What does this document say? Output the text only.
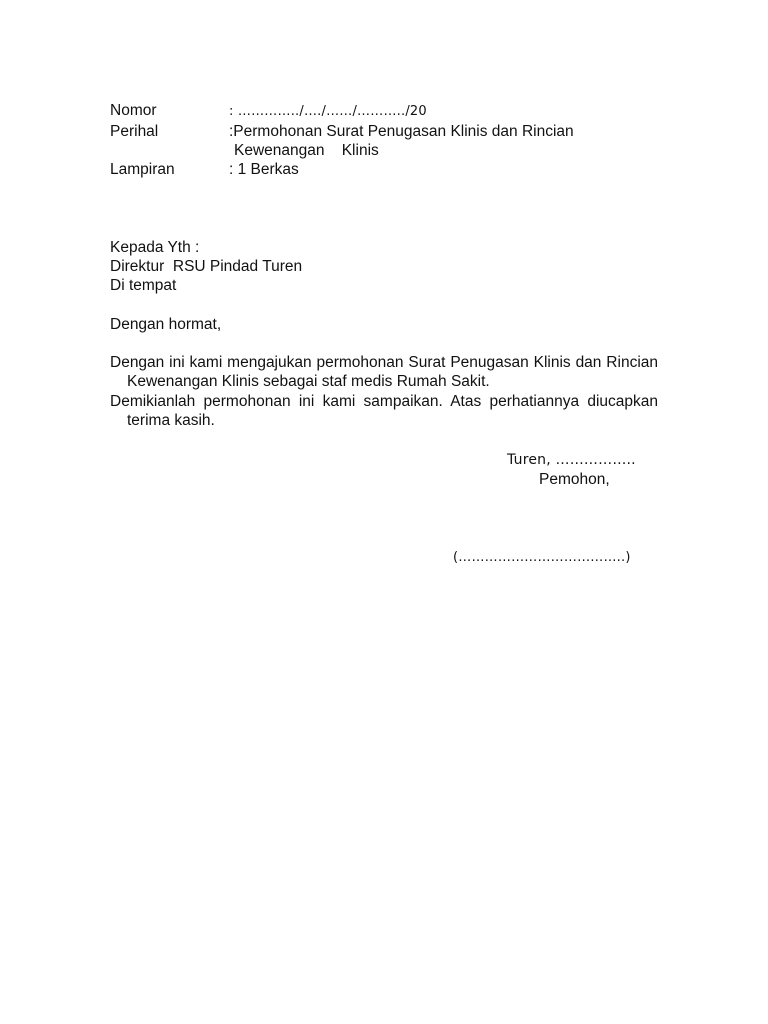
Nomor	: …………../…./……/………../20
Perihal	:Permohonan Surat Penugasan Klinis dan Rincian
Kewenangan    Klinis
Lampiran	: 1 Berkas
Kepada Yth :
Direktur  RSU Pindad Turen
Di tempat
Dengan hormat,
Dengan ini kami mengajukan permohonan Surat Penugasan Klinis dan Rincian
Kewenangan Klinis sebagai staf medis Rumah Sakit.
Demikianlah permohonan ini kami sampaikan. Atas perhatiannya diucapkan
terima kasih.
Turen, ……………..
Pemohon,
(………………………………..)
